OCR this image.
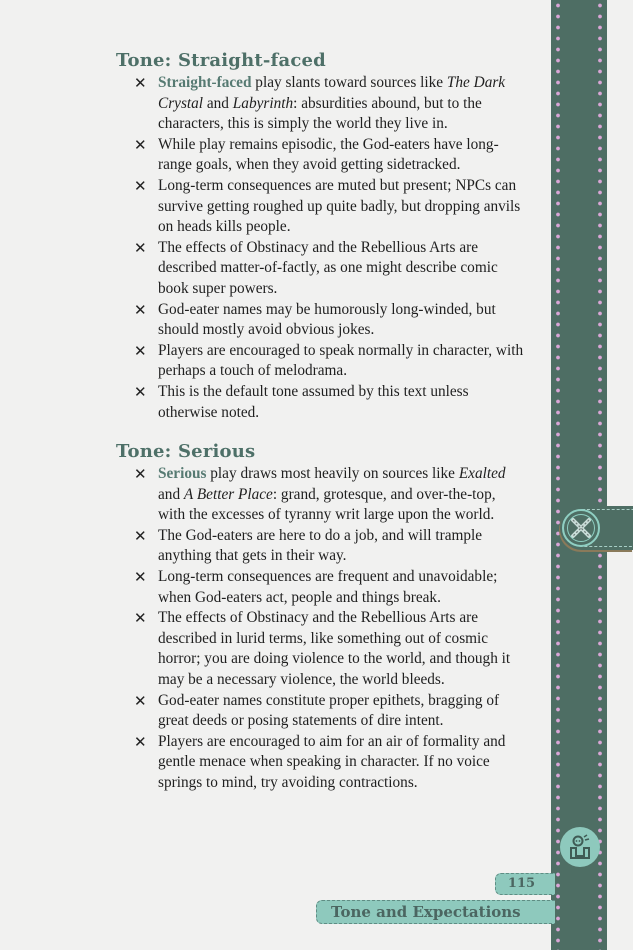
Tone: Straight-faced
✕ Straight-faced play slants toward sources like The Dark Crystal and Labyrinth: absurdities abound, but to the characters, this is simply the world they live in.
✕ While play remains episodic, the God-eaters have long-range goals, when they avoid getting sidetracked.
✕ Long-term consequences are muted but present; NPCs can survive getting roughed up quite badly, but dropping anvils on heads kills people.
✕ The effects of Obstinacy and the Rebellious Arts are described matter-of-factly, as one might describe comic book super powers.
✕ God-eater names may be humorously long-winded, but should mostly avoid obvious jokes.
✕ Players are encouraged to speak normally in character, with perhaps a touch of melodrama.
✕ This is the default tone assumed by this text unless otherwise noted.
Tone: Serious
✕ Serious play draws most heavily on sources like Exalted and A Better Place: grand, grotesque, and over-the-top, with the excesses of tyranny writ large upon the world.
✕ The God-eaters are here to do a job, and will trample anything that gets in their way.
✕ Long-term consequences are frequent and unavoidable; when God-eaters act, people and things break.
✕ The effects of Obstinacy and the Rebellious Arts are described in lurid terms, like something out of cosmic horror; you are doing violence to the world, and though it may be a necessary violence, the world bleeds.
✕ God-eater names constitute proper epithets, bragging of great deeds or posing statements of dire intent.
✕ Players are encouraged to aim for an air of formality and gentle menace when speaking in character. If no voice springs to mind, try avoiding contractions.
115
Tone and Expectations
